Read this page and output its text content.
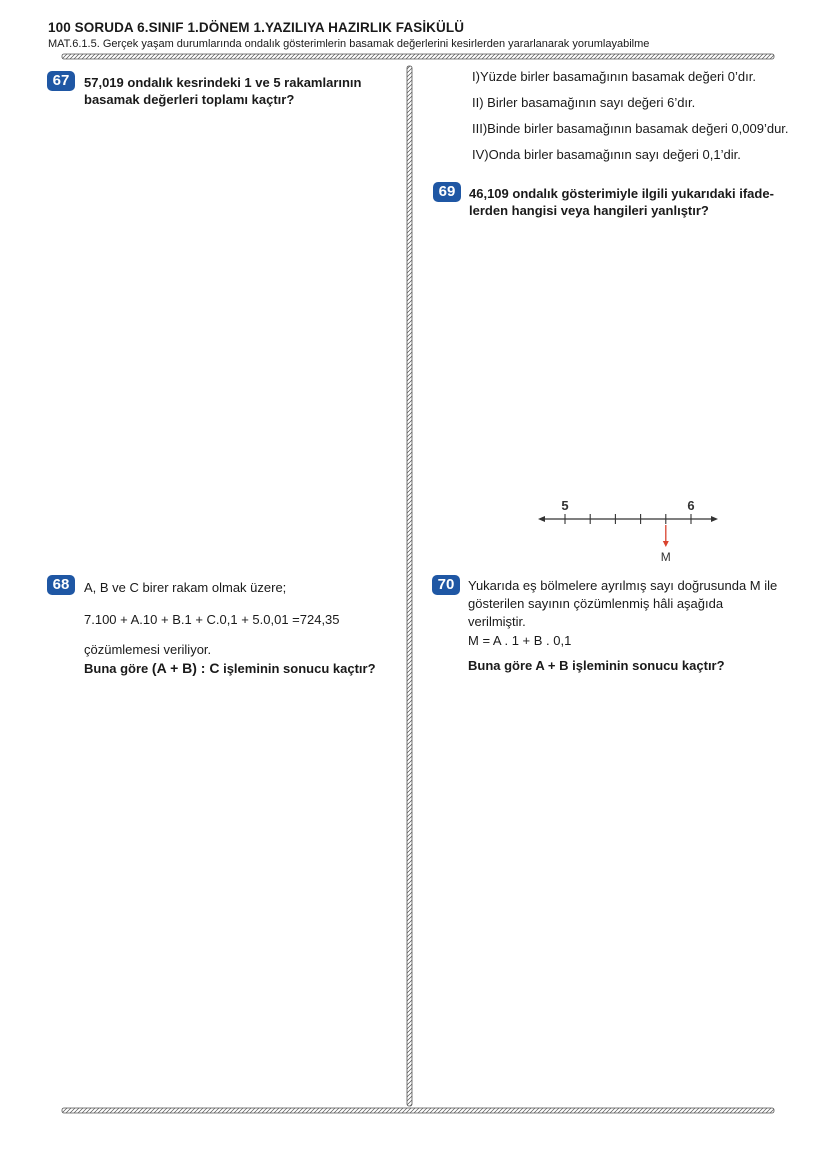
100 SORUDA 6.SINIF 1.DÖNEM 1.YAZILIYA HAZIRLIK FASİKÜLÜ
MAT.6.1.5. Gerçek yaşam durumlarında ondalık gösterimlerin basamak değerlerini kesirlerden yararlanarak yorumlayabilme
67	57,019 ondalık kesrindeki 1 ve 5 rakamlarının
basamak değerleri toplamı kaçtır?
I)Yüzde birler basamağının basamak değeri 0’dır.
II) Birler basamağının sayı değeri 6’dır.
III)Binde birler basamağının basamak değeri 0,009’dur.
IV)Onda birler basamağının sayı değeri 0,1’dir.
69	46,109 ondalık gösterimiyle ilgili yukarıdaki ifade-
lerden hangisi veya hangileri yanlıştır?
5	6
M
68	A, B ve C birer rakam olmak üzere;
7.100 + A.10 + B.1 + C.0,1 + 5.0,01 =724,35
çözümlemesi veriliyor.
Buna göre (A + B) : C işleminin sonucu kaçtır?
70	Yukarıda eş bölmelere ayrılmış sayı doğrusunda M ile
gösterilen sayının çözümlenmiş hâli aşağıda
verilmiştir.
M = A . 1 + B . 0,1
Buna göre A + B işleminin sonucu kaçtır?
